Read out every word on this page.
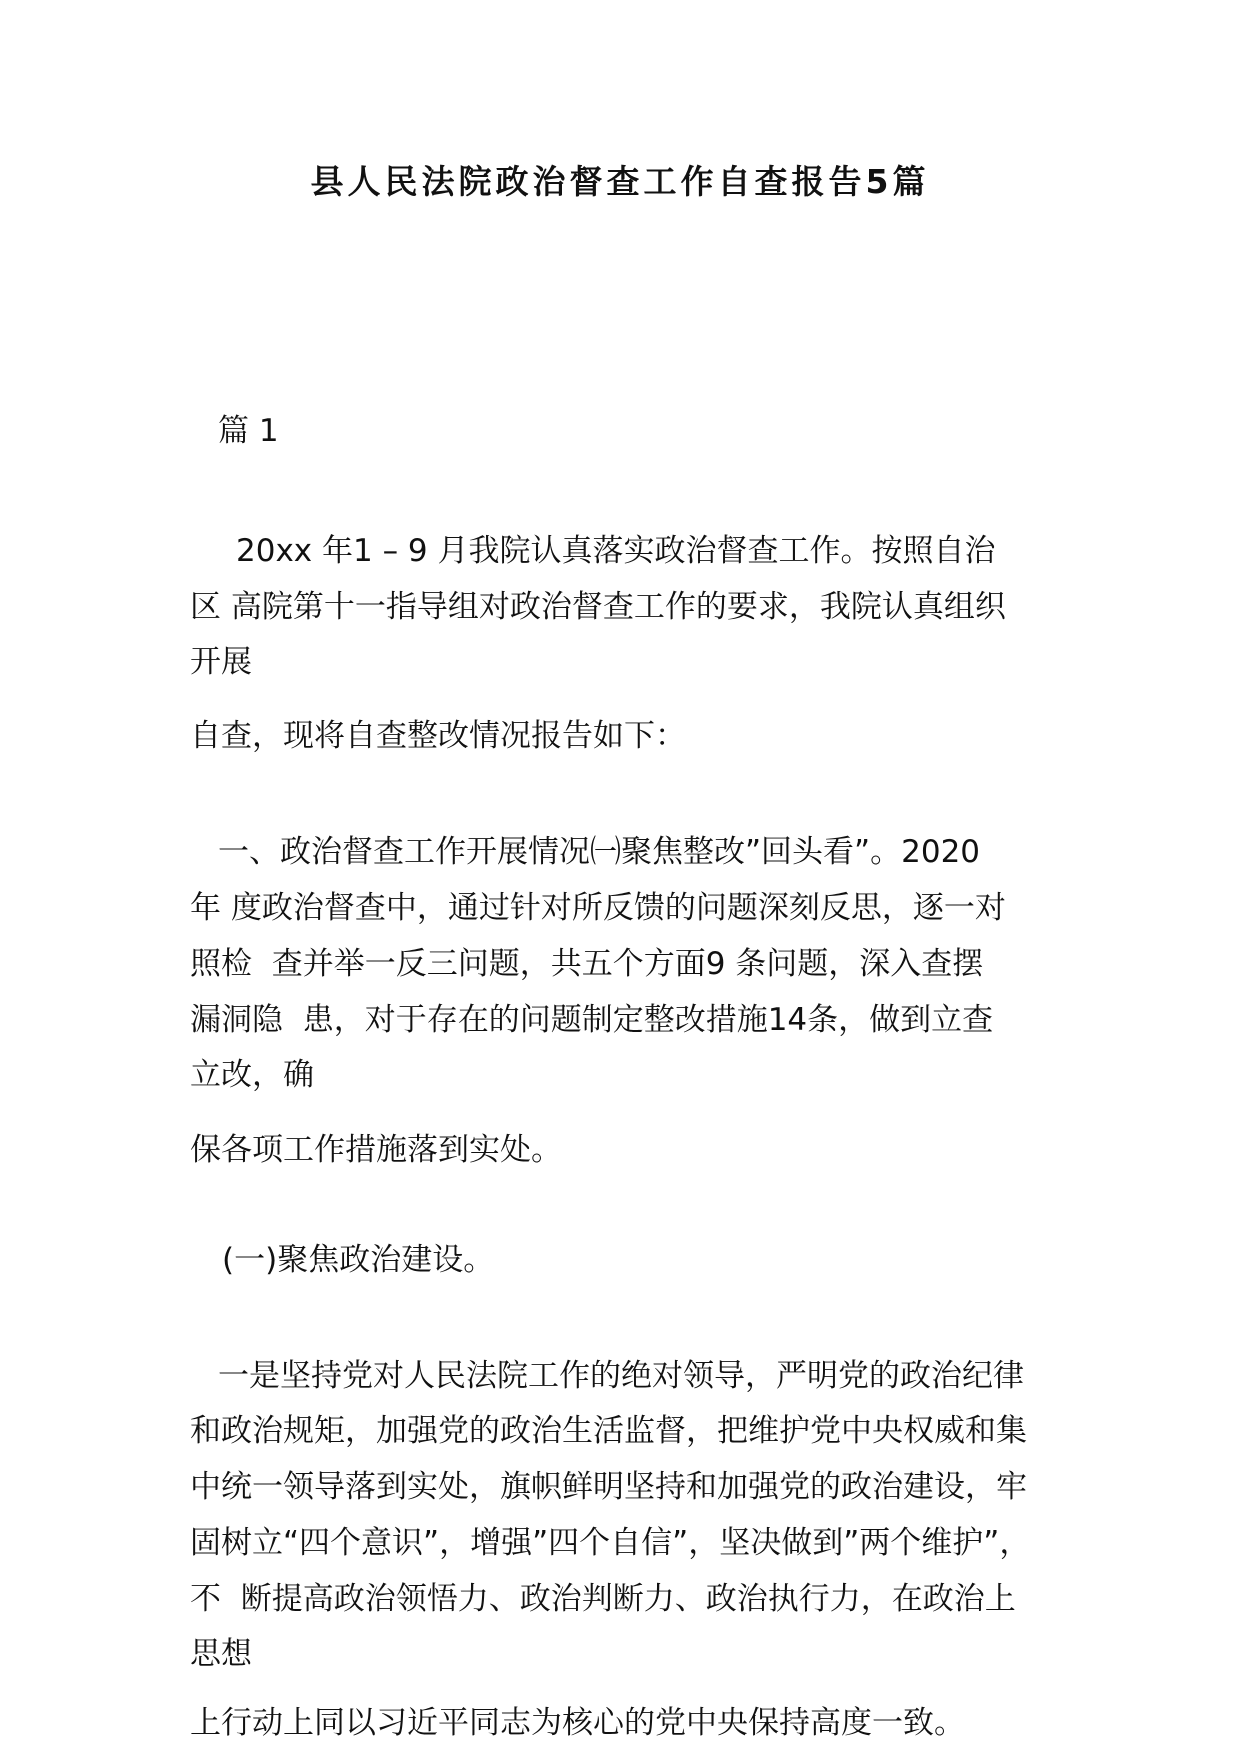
县人民法院政治督查工作自查报告5篇
篇 1
20xx 年1 – 9 月我院认真落实政治督查工作。按照自治
区 高院第十一指导组对政治督查工作的要求，我院认真组织
开展
自查，现将自查整改情况报告如下：
一、政治督查工作开展情况㈠聚焦整改”回头看”。2020
年 度政治督查中，通过针对所反馈的问题深刻反思，逐一对
照检  查并举一反三问题，共五个方面9 条问题，深入查摆
漏洞隐  患，对于存在的问题制定整改措施14条，做到立查
立改，确
保各项工作措施落到实处。
(一)聚焦政治建设。
一是坚持党对人民法院工作的绝对领导，严明党的政治纪律
和政治规矩，加强党的政治生活监督，把维护党中央权威和集
中统一领导落到实处，旗帜鲜明坚持和加强党的政治建设，牢
固树立“四个意识”，增强”四个自信”，坚决做到”两个维护”，
不  断提高政治领悟力、政治判断力、政治执行力，在政治上
思想
上行动上同以习近平同志为核心的党中央保持高度一致。
